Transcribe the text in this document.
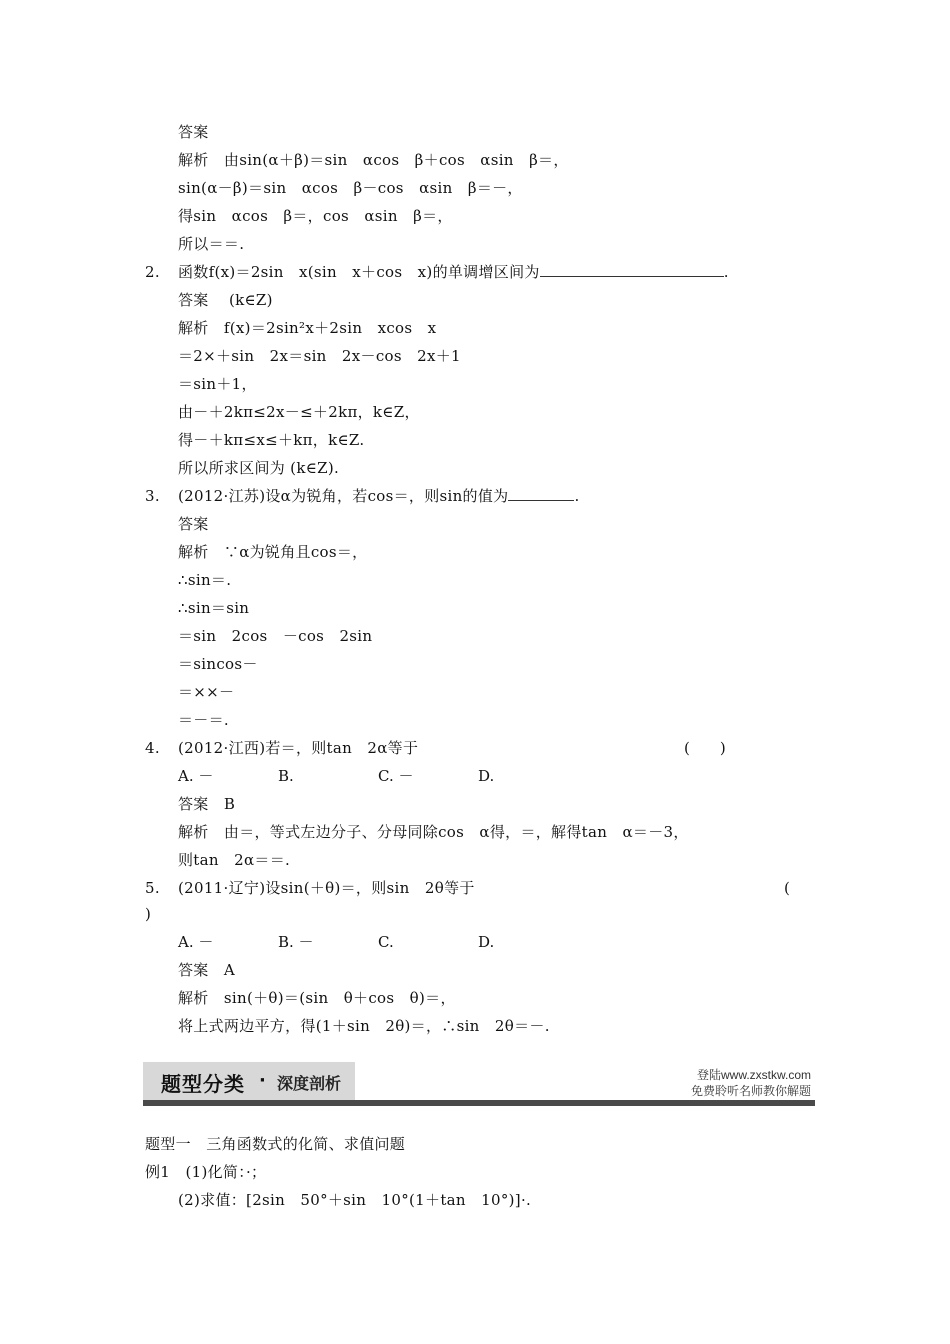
答案
解析　由sin(α＋β)＝sin　αcos　β＋cos　αsin　β＝，
sin(α－β)＝sin　αcos　β－cos　αsin　β＝－，
得sin　αcos　β＝，cos　αsin　β＝，
所以＝＝.
2. 函数f(x)＝2sin　x(sin　x＋cos　x)的单调增区间为	.
答案　 (k∈Z)
解析　f(x)＝2sin²x＋2sin　xcos　x
＝2×＋sin　2x＝sin　2x－cos　2x＋1
＝sin＋1，
由－＋2kπ≤2x－≤＋2kπ，k∈Z，
得－＋kπ≤x≤＋kπ，k∈Z.
所以所求区间为 (k∈Z).
3. (2012·江苏)设α为锐角，若cos＝，则sin的值为	.
答案
解析　∵α为锐角且cos＝，
∴sin＝.
∴sin＝sin
＝sin　2cos　－cos　2sin
＝sincos－
＝××－
＝－＝.
4. (2012·江西)若＝，则tan　2α等于	(　　)
A. －	B.	C. －	D.
答案　B
解析　由＝，等式左边分子、分母同除cos　α得，＝，解得tan　α＝－3，
则tan　2α＝＝.
5. (2011·辽宁)设sin(＋θ)＝，则sin　2θ等于	(
)
A. －	B. －	C.	D.
答案　A
解析　sin(＋θ)＝(sin　θ＋cos　θ)＝，
将上式两边平方，得(1＋sin　2θ)＝，∴sin　2θ＝－.
题型分类 · 深度剖析	登陆www.zxstkw.com
免费聆听名师教你解题
题型一　三角函数式的化简、求值问题
例1　(1)化简：·；
(2)求值：[2sin　50°＋sin　10°(1＋tan　10°)]·.
